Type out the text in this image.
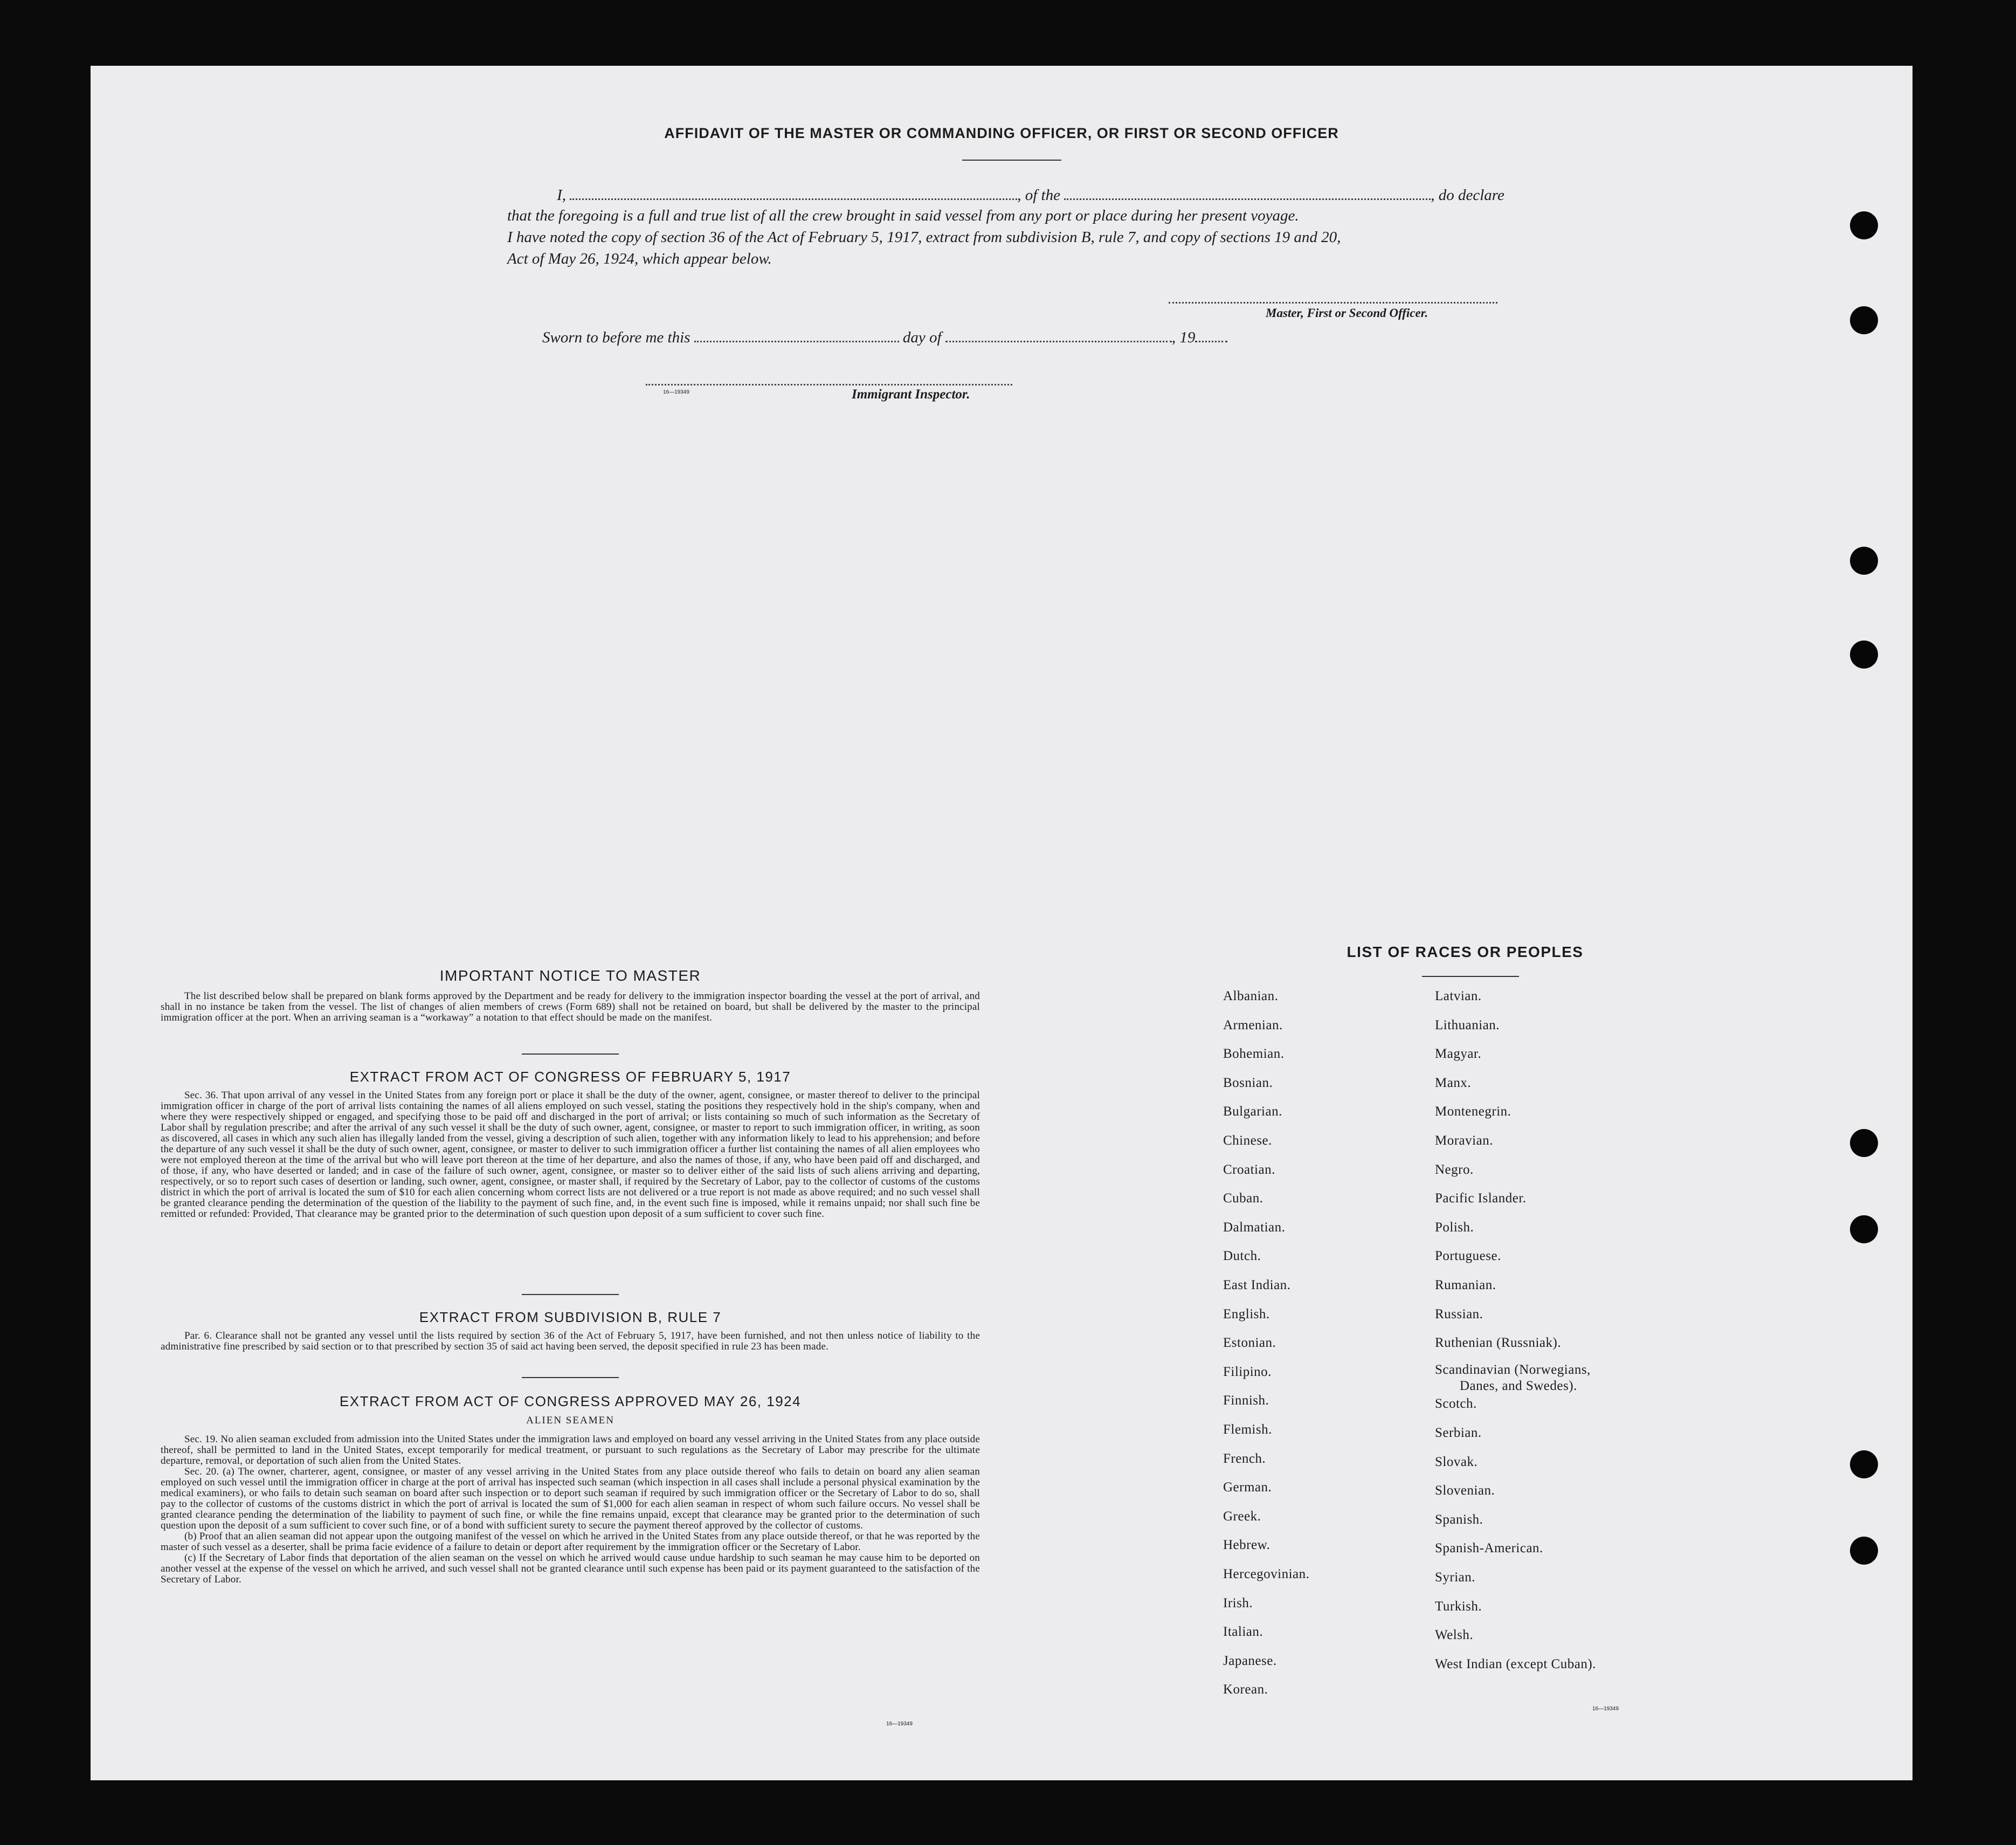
AFFIDAVIT OF THE MASTER OR COMMANDING OFFICER, OR FIRST OR SECOND OFFICER
I,	, of the	, do declare
that the foregoing is a full and true list of all the crew brought in said vessel from any port or place during her present voyage.
I have noted the copy of section 36 of the Act of February 5, 1917, extract from subdivision B, rule 7, and copy of sections 19 and 20,
Act of May 26, 1924, which appear below.
Master, First or Second Officer.
Sworn to before me this	day of	, 19
16—19349	Immigrant Inspector.
IMPORTANT NOTICE TO MASTER

The list described below shall be prepared on blank forms approved by the Department and be ready for delivery to the immigration inspector boarding the vessel at the port of arrival, and shall in no instance be taken from the vessel. The list of changes of alien members of crews (Form 689) shall not be retained on board, but shall be delivered by the master to the principal immigration officer at the port. When an arriving seaman is a “workaway” a notation to that effect should be made on the manifest.

EXTRACT FROM ACT OF CONGRESS OF FEBRUARY 5, 1917

Sec. 36. That upon arrival of any vessel in the United States from any foreign port or place it shall be the duty of the owner, agent, consignee, or master thereof to deliver to the principal immigration officer in charge of the port of arrival lists containing the names of all aliens employed on such vessel, stating the positions they respectively hold in the ship's company, when and where they were respectively shipped or engaged, and specifying those to be paid off and discharged in the port of arrival; or lists containing so much of such information as the Secretary of Labor shall by regulation prescribe; and after the arrival of any such vessel it shall be the duty of such owner, agent, consignee, or master to report to such immigration officer, in writing, as soon as discovered, all cases in which any such alien has illegally landed from the vessel, giving a description of such alien, together with any information likely to lead to his apprehension; and before the departure of any such vessel it shall be the duty of such owner, agent, consignee, or master to deliver to such immigration officer a further list containing the names of all alien employees who were not employed thereon at the time of the arrival but who will leave port thereon at the time of her departure, and also the names of those, if any, who have been paid off and discharged, and of those, if any, who have deserted or landed; and in case of the failure of such owner, agent, consignee, or master so to deliver either of the said lists of such aliens arriving and departing, respectively, or so to report such cases of desertion or landing, such owner, agent, consignee, or master shall, if required by the Secretary of Labor, pay to the collector of customs of the customs district in which the port of arrival is located the sum of $10 for each alien concerning whom correct lists are not delivered or a true report is not made as above required; and no such vessel shall be granted clearance pending the determination of the question of the liability to the payment of such fine, and, in the event such fine is imposed, while it remains unpaid; nor shall such fine be remitted or refunded: Provided, That clearance may be granted prior to the determination of such question upon deposit of a sum sufficient to cover such fine.

EXTRACT FROM SUBDIVISION B, RULE 7

Par. 6. Clearance shall not be granted any vessel until the lists required by section 36 of the Act of February 5, 1917, have been furnished, and not then unless notice of liability to the administrative fine prescribed by said section or to that prescribed by section 35 of said act having been served, the deposit specified in rule 23 has been made.

EXTRACT FROM ACT OF CONGRESS APPROVED MAY 26, 1924
ALIEN SEAMEN

Sec. 19. No alien seaman excluded from admission into the United States under the immigration laws and employed on board any vessel arriving in the United States from any place outside thereof, shall be permitted to land in the United States, except temporarily for medical treatment, or pursuant to such regulations as the Secretary of Labor may prescribe for the ultimate departure, removal, or deportation of such alien from the United States.

Sec. 20. (a) The owner, charterer, agent, consignee, or master of any vessel arriving in the United States from any place outside thereof who fails to detain on board any alien seaman employed on such vessel until the immigration officer in charge at the port of arrival has inspected such seaman (which inspection in all cases shall include a personal physical examination by the medical examiners), or who fails to detain such seaman on board after such inspection or to deport such seaman if required by such immigration officer or the Secretary of Labor to do so, shall pay to the collector of customs of the customs district in which the port of arrival is located the sum of $1,000 for each alien seaman in respect of whom such failure occurs. No vessel shall be granted clearance pending the determination of the liability to payment of such fine, or while the fine remains unpaid, except that clearance may be granted prior to the determination of such question upon the deposit of a sum sufficient to cover such fine, or of a bond with sufficient surety to secure the payment thereof approved by the collector of customs.

(b) Proof that an alien seaman did not appear upon the outgoing manifest of the vessel on which he arrived in the United States from any place outside thereof, or that he was reported by the master of such vessel as a deserter, shall be prima facie evidence of a failure to detain or deport after requirement by the immigration officer or the Secretary of Labor.

(c) If the Secretary of Labor finds that deportation of the alien seaman on the vessel on which he arrived would cause undue hardship to such seaman he may cause him to be deported on another vessel at the expense of the vessel on which he arrived, and such vessel shall not be granted clearance until such expense has been paid or its payment guaranteed to the satisfaction of the Secretary of Labor.

16—19349
LIST OF RACES OR PEOPLES
16—19349
Albanian.
Armenian.
Bohemian.
Bosnian.
Bulgarian.
Chinese.
Croatian.
Cuban.
Dalmatian.
Dutch.
East Indian.
English.
Estonian.
Filipino.
Finnish.
Flemish.
French.
German.
Greek.
Hebrew.
Hercegovinian.
Irish.
Italian.
Japanese.
Korean.
Latvian.
Lithuanian.
Magyar.
Manx.
Montenegrin.
Moravian.
Negro.
Pacific Islander.
Polish.
Portuguese.
Rumanian.
Russian.
Ruthenian (Russniak).
Scandinavian (Norwegians,
Danes, and Swedes).
Scotch.
Serbian.
Slovak.
Slovenian.
Spanish.
Spanish-American.
Syrian.
Turkish.
Welsh.
West Indian (except Cuban).
